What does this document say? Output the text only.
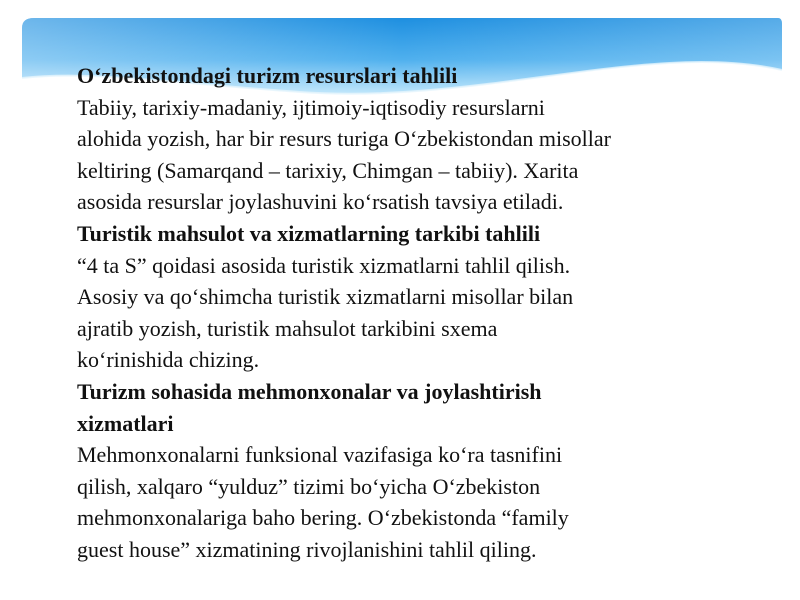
O‘zbekistondagi turizm resurslari tahlili

Tabiiy, tarixiy-madaniy, ijtimoiy-iqtisodiy resurslarni
alohida yozish, har bir resurs turiga O‘zbekistondan misollar
keltiring (Samarqand – tarixiy, Chimgan – tabiiy). Xarita
asosida resurslar joylashuvini ko‘rsatish tavsiya etiladi.

Turistik mahsulot va xizmatlarning tarkibi tahlili

“4 ta S” qoidasi asosida turistik xizmatlarni tahlil qilish.
Asosiy va qo‘shimcha turistik xizmatlarni misollar bilan
ajratib yozish, turistik mahsulot tarkibini sxema
ko‘rinishida chizing.

Turizm sohasida mehmonxonalar va joylashtirish
xizmatlari

Mehmonxonalarni funksional vazifasiga ko‘ra tasnifini
qilish, xalqaro “yulduz” tizimi bo‘yicha O‘zbekiston
mehmonxonalariga baho bering. O‘zbekistonda “family
guest house” xizmatining rivojlanishini tahlil qiling.
